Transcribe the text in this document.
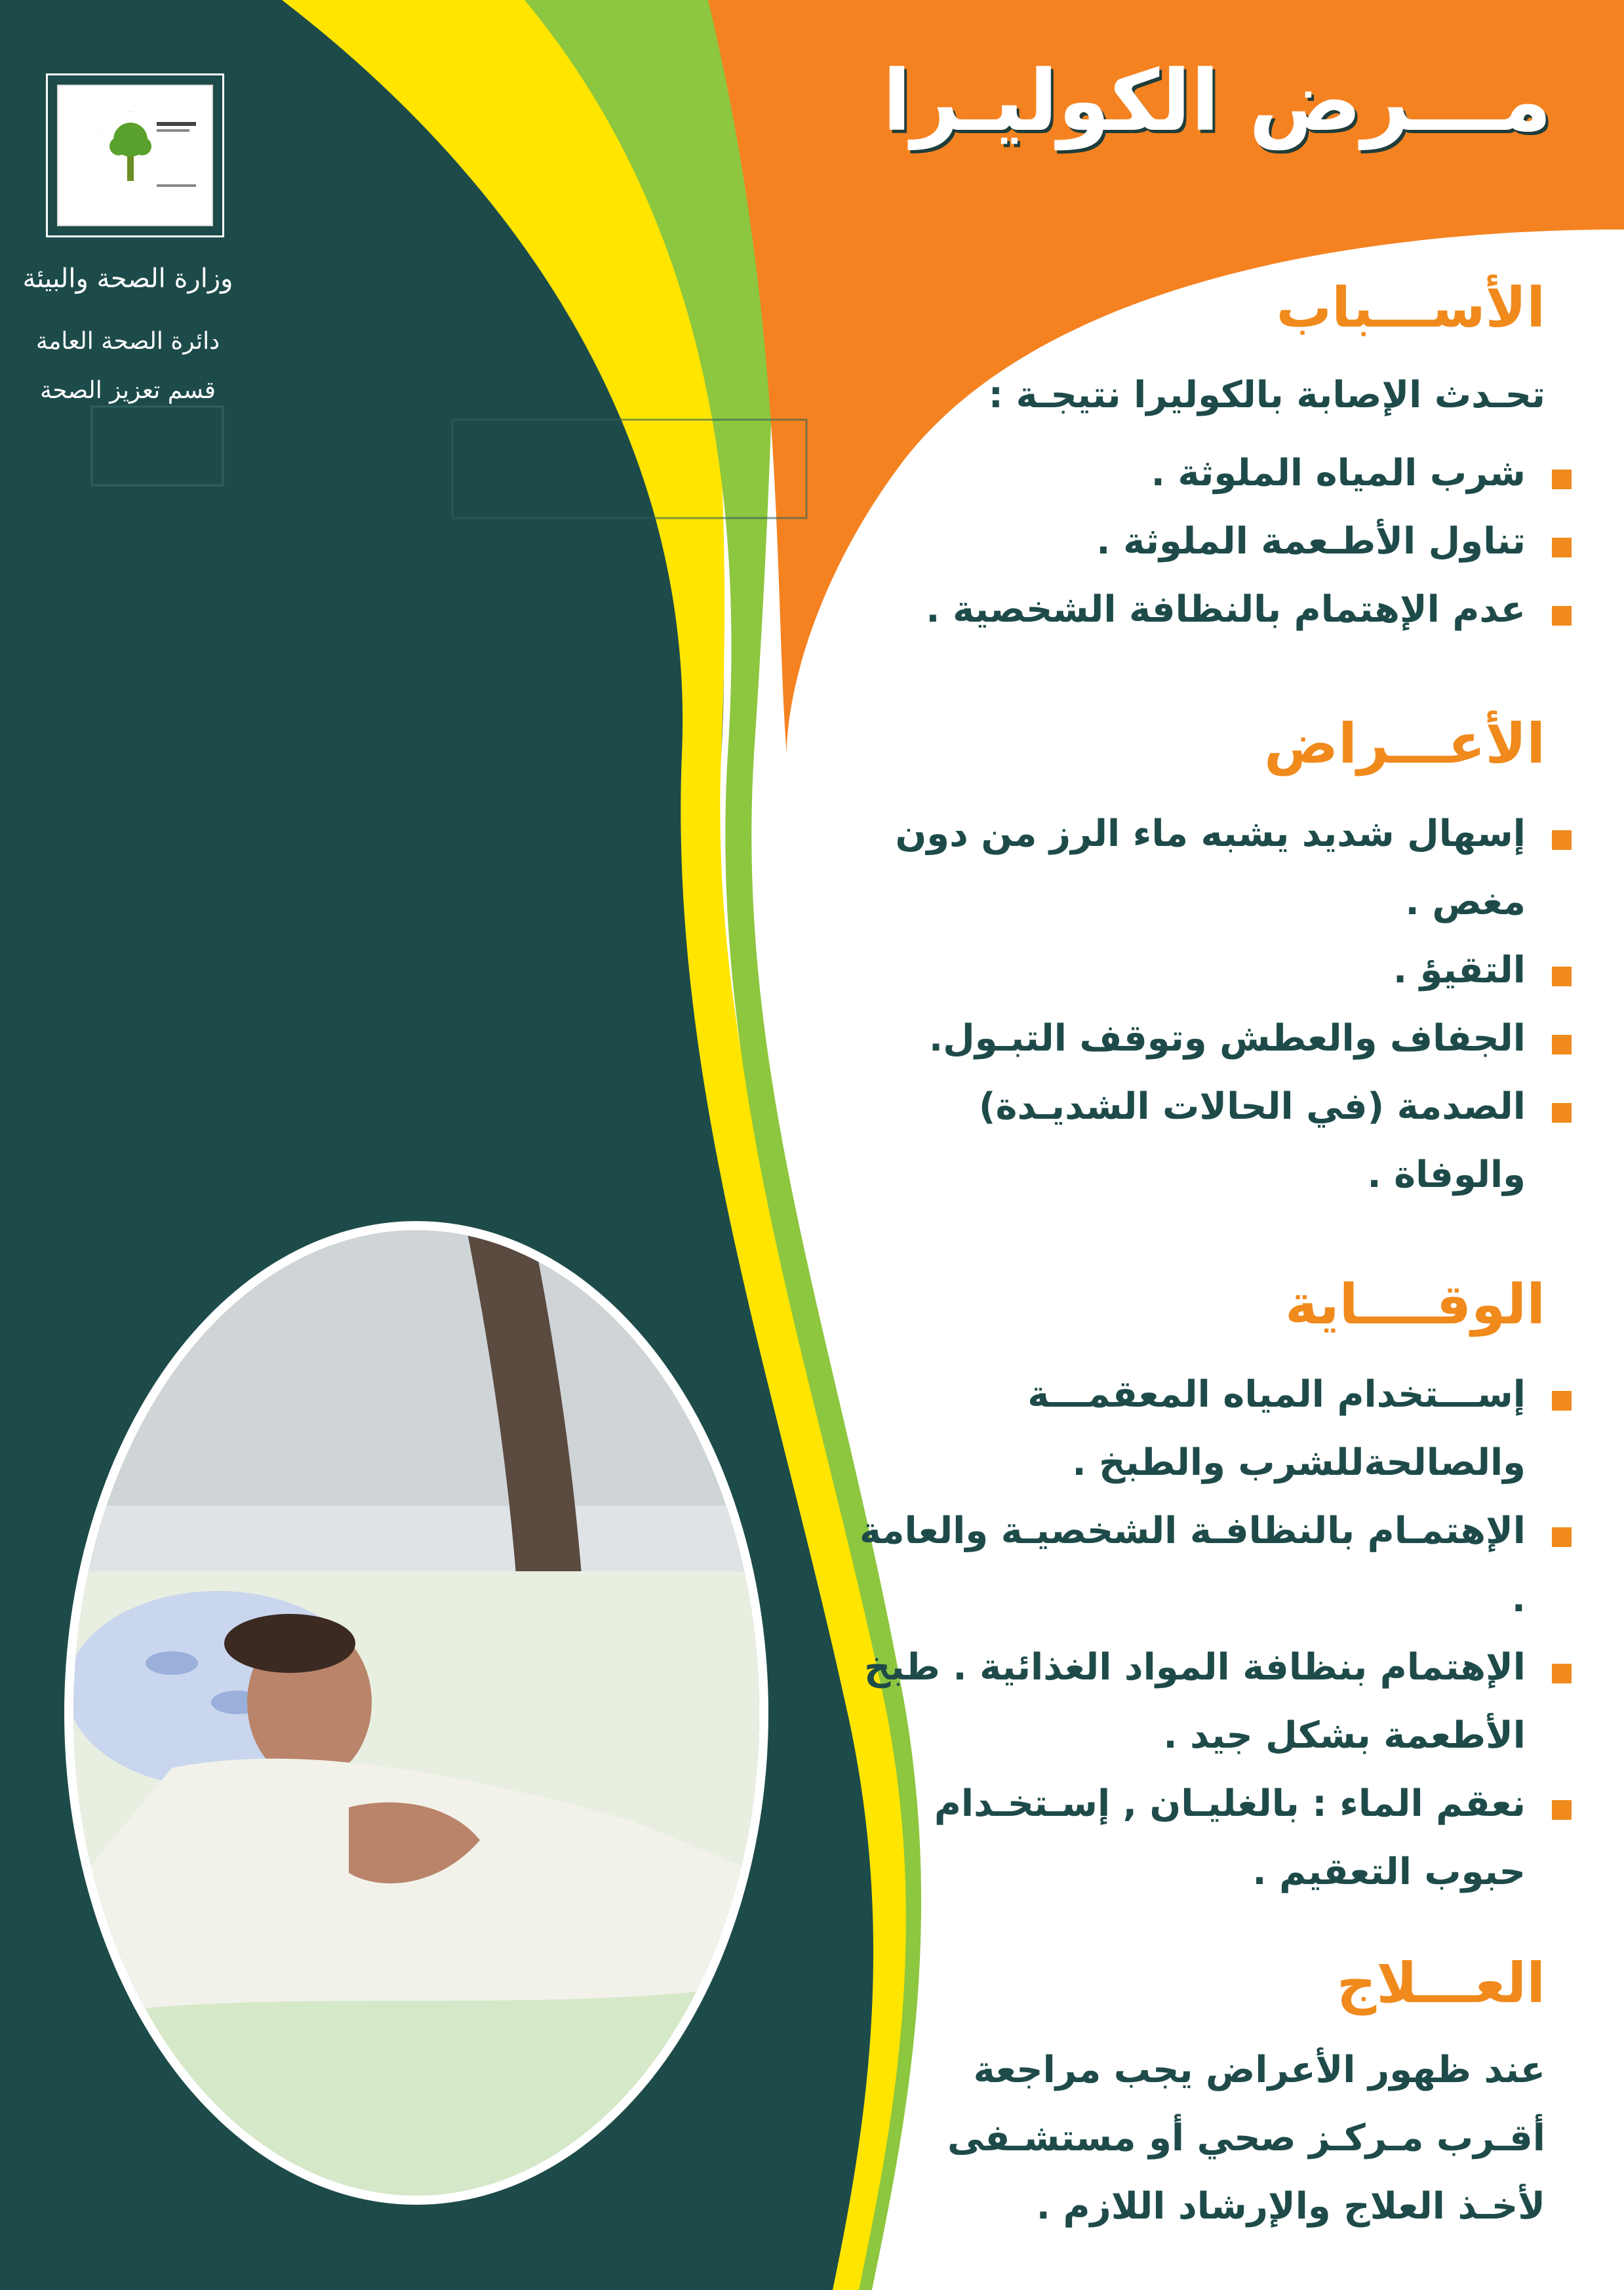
وزارة الصحة والبيئة
دائرة الصحة العامة
قسم تعزيز الصحة
مـــرض الكوليـرا
الأســـباب
تحـدث الإصابة بالكوليرا نتيجـة :
شرب المياه الملوثة .
تناول الأطـعمة الملوثة .
عدم الإهتمام بالنظافة الشخصية .
الأعـــراض
إسهال شديد يشبه ماء الرز من دون مغص .
التقيؤ .
الجفاف والعطش وتوقف التبـول.
الصدمة (في الحالات الشديـدة) والوفاة .
الوقــــاية
إســـتخدام المياه المعقمـــة والصالحةللشرب والطبخ .
الإهتمـام بالنظافـة الشخصيـة والعامة .
الإهتمام بنظافة المواد الغذائية . طبخ الأطعمة بشكل جيد .
نعقم الماء : بالغليـان , إسـتخـدام حبوب التعقيم .
العـــلاج
عند ظهور الأعراض يجب مراجعة أقـرب مـركـز صحي أو مستشـفى لأخـذ العلاج والإرشاد اللازم .
